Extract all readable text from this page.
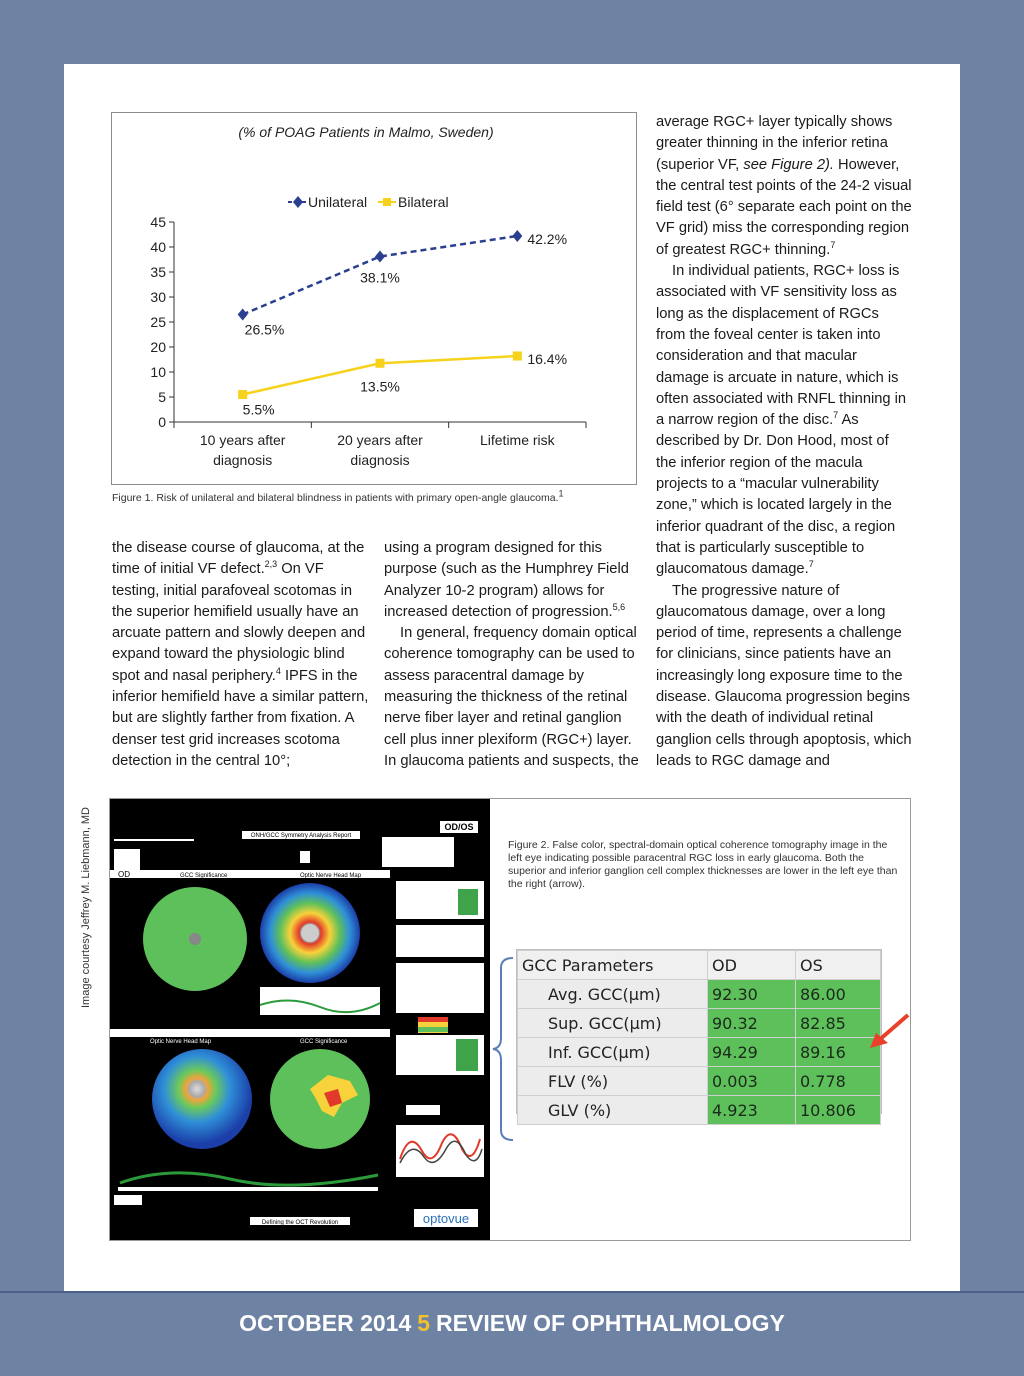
(% of POAG Patients in Malmo, Sweden)
Unilateral Bilateral
0
5
10
20
25
30
35
40
45
10 years after
diagnosis
20 years after
diagnosis
Lifetime risk
26.5%
38.1%
42.2%
5.5%
13.5%
16.4%
Figure 1. Risk of unilateral and bilateral blindness in patients with primary open-angle glaucoma.$^1$

the disease course of glaucoma, at the time of initial VF defect.$^{2,3}$ On VF testing, initial parafoveal scotomas in the superior hemifield usually have an arcuate pattern and slowly deepen and expand toward the physiologic blind spot and nasal periphery.$^4$ IPFS in the inferior hemifield have a similar pattern, but are slightly farther from fixation. A denser test grid increases scotoma detection in the central 10°;

using a program designed for this purpose (such as the Humphrey Field Analyzer 10-2 program) allows for increased detection of progression.$^{5,6}$

In general, frequency domain optical coherence tomography can be used to assess paracentral damage by measuring the thickness of the retinal nerve fiber layer and retinal ganglion cell plus inner plexiform (RGC+) layer. In glaucoma patients and suspects, the

average RGC+ layer typically shows greater thinning in the inferior retina (superior VF, see Figure 2). However, the central test points of the 24-2 visual field test (6° separate each point on the VF grid) miss the corresponding region of greatest RGC+ thinning.$^7$

In individual patients, RGC+ loss is associated with VF sensitivity loss as long as the displacement of RGCs from the foveal center is taken into consideration and that macular damage is arcuate in nature, which is often associated with RNFL thinning in a narrow region of the disc.$^7$ As described by Dr. Don Hood, most of the inferior region of the macula projects to a “macular vulnerability zone,” which is located largely in the inferior quadrant of the disc, a region that is particularly susceptible to glaucomatous damage.$^7$

The progressive nature of glaucomatous damage, over a long period of time, represents a challenge for clinicians, since patients have an increasingly long exposure time to the disease. Glaucoma progression begins with the death of individual retinal ganglion cells through apoptosis, which leads to RGC damage and

Image courtesy Jeffrey M. Liebmann, MD	OD/OS
ONH/GCC Symmetry Analysis Report
OD	GCC Significance	Optic Nerve Head Map
OS
Optic Nerve Head Map	GCC Significance
Defining the OCT Revolution	optovue
Figure 2. False color, spectral-domain optical coherence tomography image in the left eye indicating possible paracentral RGC loss in early glaucoma. Both the superior and inferior ganglion cell complex thicknesses are lower in the left eye than the right (arrow).
GCC Parameters	OD	OS
Avg. GCC(µm)	92.30	86.00
Sup. GCC(µm)	90.32	82.85
Inf. GCC(µm)	94.29	89.16
FLV (%)	0.003	0.778
GLV (%)	4.923	10.806
OCTOBER 2014 5 REVIEW OF OPHTHALMOLOGY
